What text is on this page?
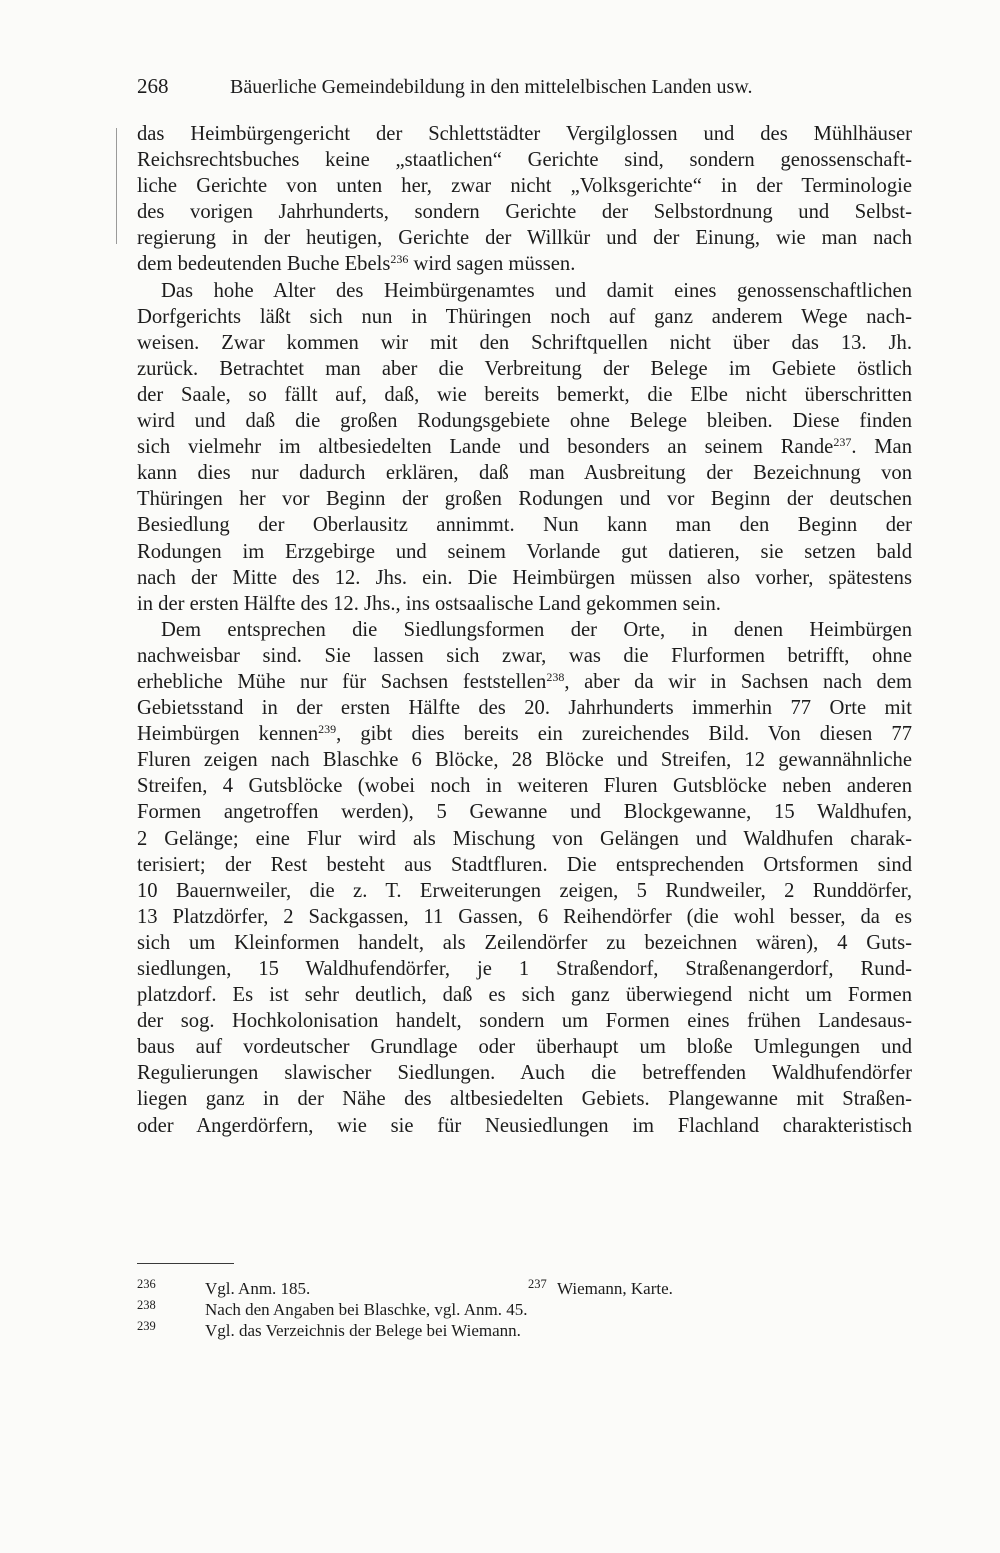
268	Bäuerliche Gemeindebildung in den mittelelbischen Landen usw.

das Heimbürgengericht der Schlettstädter Vergilglossen und des Mühlhäuser

Reichsrechtsbuches keine „staatlichen“ Gerichte sind, sondern genossenschaft-

liche Gerichte von unten her, zwar nicht „Volksgerichte“ in der Terminologie

des vorigen Jahrhunderts, sondern Gerichte der Selbstordnung und Selbst-

regierung in der heutigen, Gerichte der Willkür und der Einung, wie man nach

dem bedeutenden Buche Ebels$^{236}$ wird sagen müssen.

Das hohe Alter des Heimbürgenamtes und damit eines genossenschaftlichen

Dorfgerichts läßt sich nun in Thüringen noch auf ganz anderem Wege nach-

weisen. Zwar kommen wir mit den Schriftquellen nicht über das 13. Jh.

zurück. Betrachtet man aber die Verbreitung der Belege im Gebiete östlich

der Saale, so fällt auf, daß, wie bereits bemerkt, die Elbe nicht überschritten

wird und daß die großen Rodungsgebiete ohne Belege bleiben. Diese finden

sich vielmehr im altbesiedelten Lande und besonders an seinem Rande$^{237}$. Man

kann dies nur dadurch erklären, daß man Ausbreitung der Bezeichnung von

Thüringen her vor Beginn der großen Rodungen und vor Beginn der deutschen

Besiedlung der Oberlausitz annimmt. Nun kann man den Beginn der

Rodungen im Erzgebirge und seinem Vorlande gut datieren, sie setzen bald

nach der Mitte des 12. Jhs. ein. Die Heimbürgen müssen also vorher, spätestens

in der ersten Hälfte des 12. Jhs., ins ostsaalische Land gekommen sein.

Dem entsprechen die Siedlungsformen der Orte, in denen Heimbürgen

nachweisbar sind. Sie lassen sich zwar, was die Flurformen betrifft, ohne

erhebliche Mühe nur für Sachsen feststellen$^{238}$, aber da wir in Sachsen nach dem

Gebietsstand in der ersten Hälfte des 20. Jahrhunderts immerhin 77 Orte mit

Heimbürgen kennen$^{239}$, gibt dies bereits ein zureichendes Bild. Von diesen 77

Fluren zeigen nach Blaschke 6 Blöcke, 28 Blöcke und Streifen, 12 gewannähnliche

Streifen, 4 Gutsblöcke (wobei noch in weiteren Fluren Gutsblöcke neben anderen

Formen angetroffen werden), 5 Gewanne und Blockgewanne, 15 Waldhufen,

2 Gelänge; eine Flur wird als Mischung von Gelängen und Waldhufen charak-

terisiert; der Rest besteht aus Stadtfluren. Die entsprechenden Ortsformen sind

10 Bauernweiler, die z. T. Erweiterungen zeigen, 5 Rundweiler, 2 Runddörfer,

13 Platzdörfer, 2 Sackgassen, 11 Gassen, 6 Reihendörfer (die wohl besser, da es

sich um Kleinformen handelt, als Zeilendörfer zu bezeichnen wären), 4 Guts-

siedlungen, 15 Waldhufendörfer, je 1 Straßendorf, Straßenangerdorf, Rund-

platzdorf. Es ist sehr deutlich, daß es sich ganz überwiegend nicht um Formen

der sog. Hochkolonisation handelt, sondern um Formen eines frühen Landesaus-

baus auf vordeutscher Grundlage oder überhaupt um bloße Umlegungen und

Regulierungen slawischer Siedlungen. Auch die betreffenden Waldhufendörfer

liegen ganz in der Nähe des altbesiedelten Gebiets. Plangewanne mit Straßen-

oder Angerdörfern, wie sie für Neusiedlungen im Flachland charakteristisch

236	Vgl. Anm. 185.	237 Wiemann, Karte.
238	Nach den Angaben bei Blaschke, vgl. Anm. 45.
239	Vgl. das Verzeichnis der Belege bei Wiemann.
